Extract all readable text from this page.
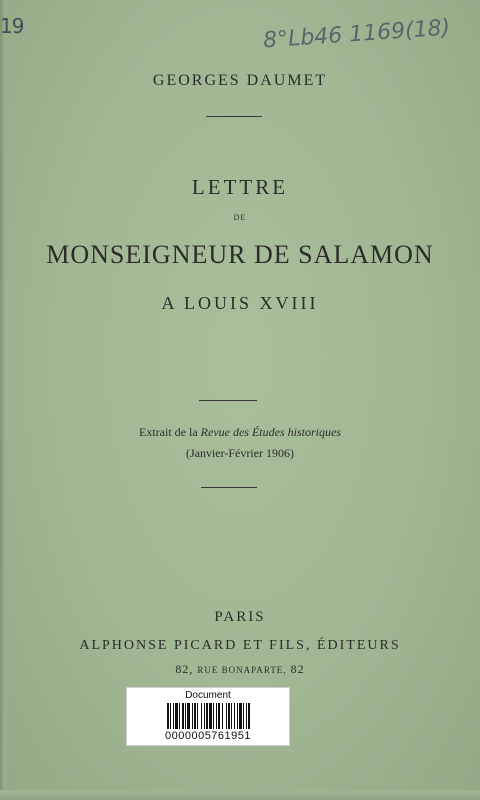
19	8°Lb46 1169(18)
GEORGES DAUMET
LETTRE
DE
MONSEIGNEUR DE SALAMON
A LOUIS XVIII
Extrait de la Revue des Études historiques
(Janvier-Février 1906)
PARIS
ALPHONSE PICARD ET FILS, ÉDITEURS
82, RUE BONAPARTE, 82
Document
0000005761951
